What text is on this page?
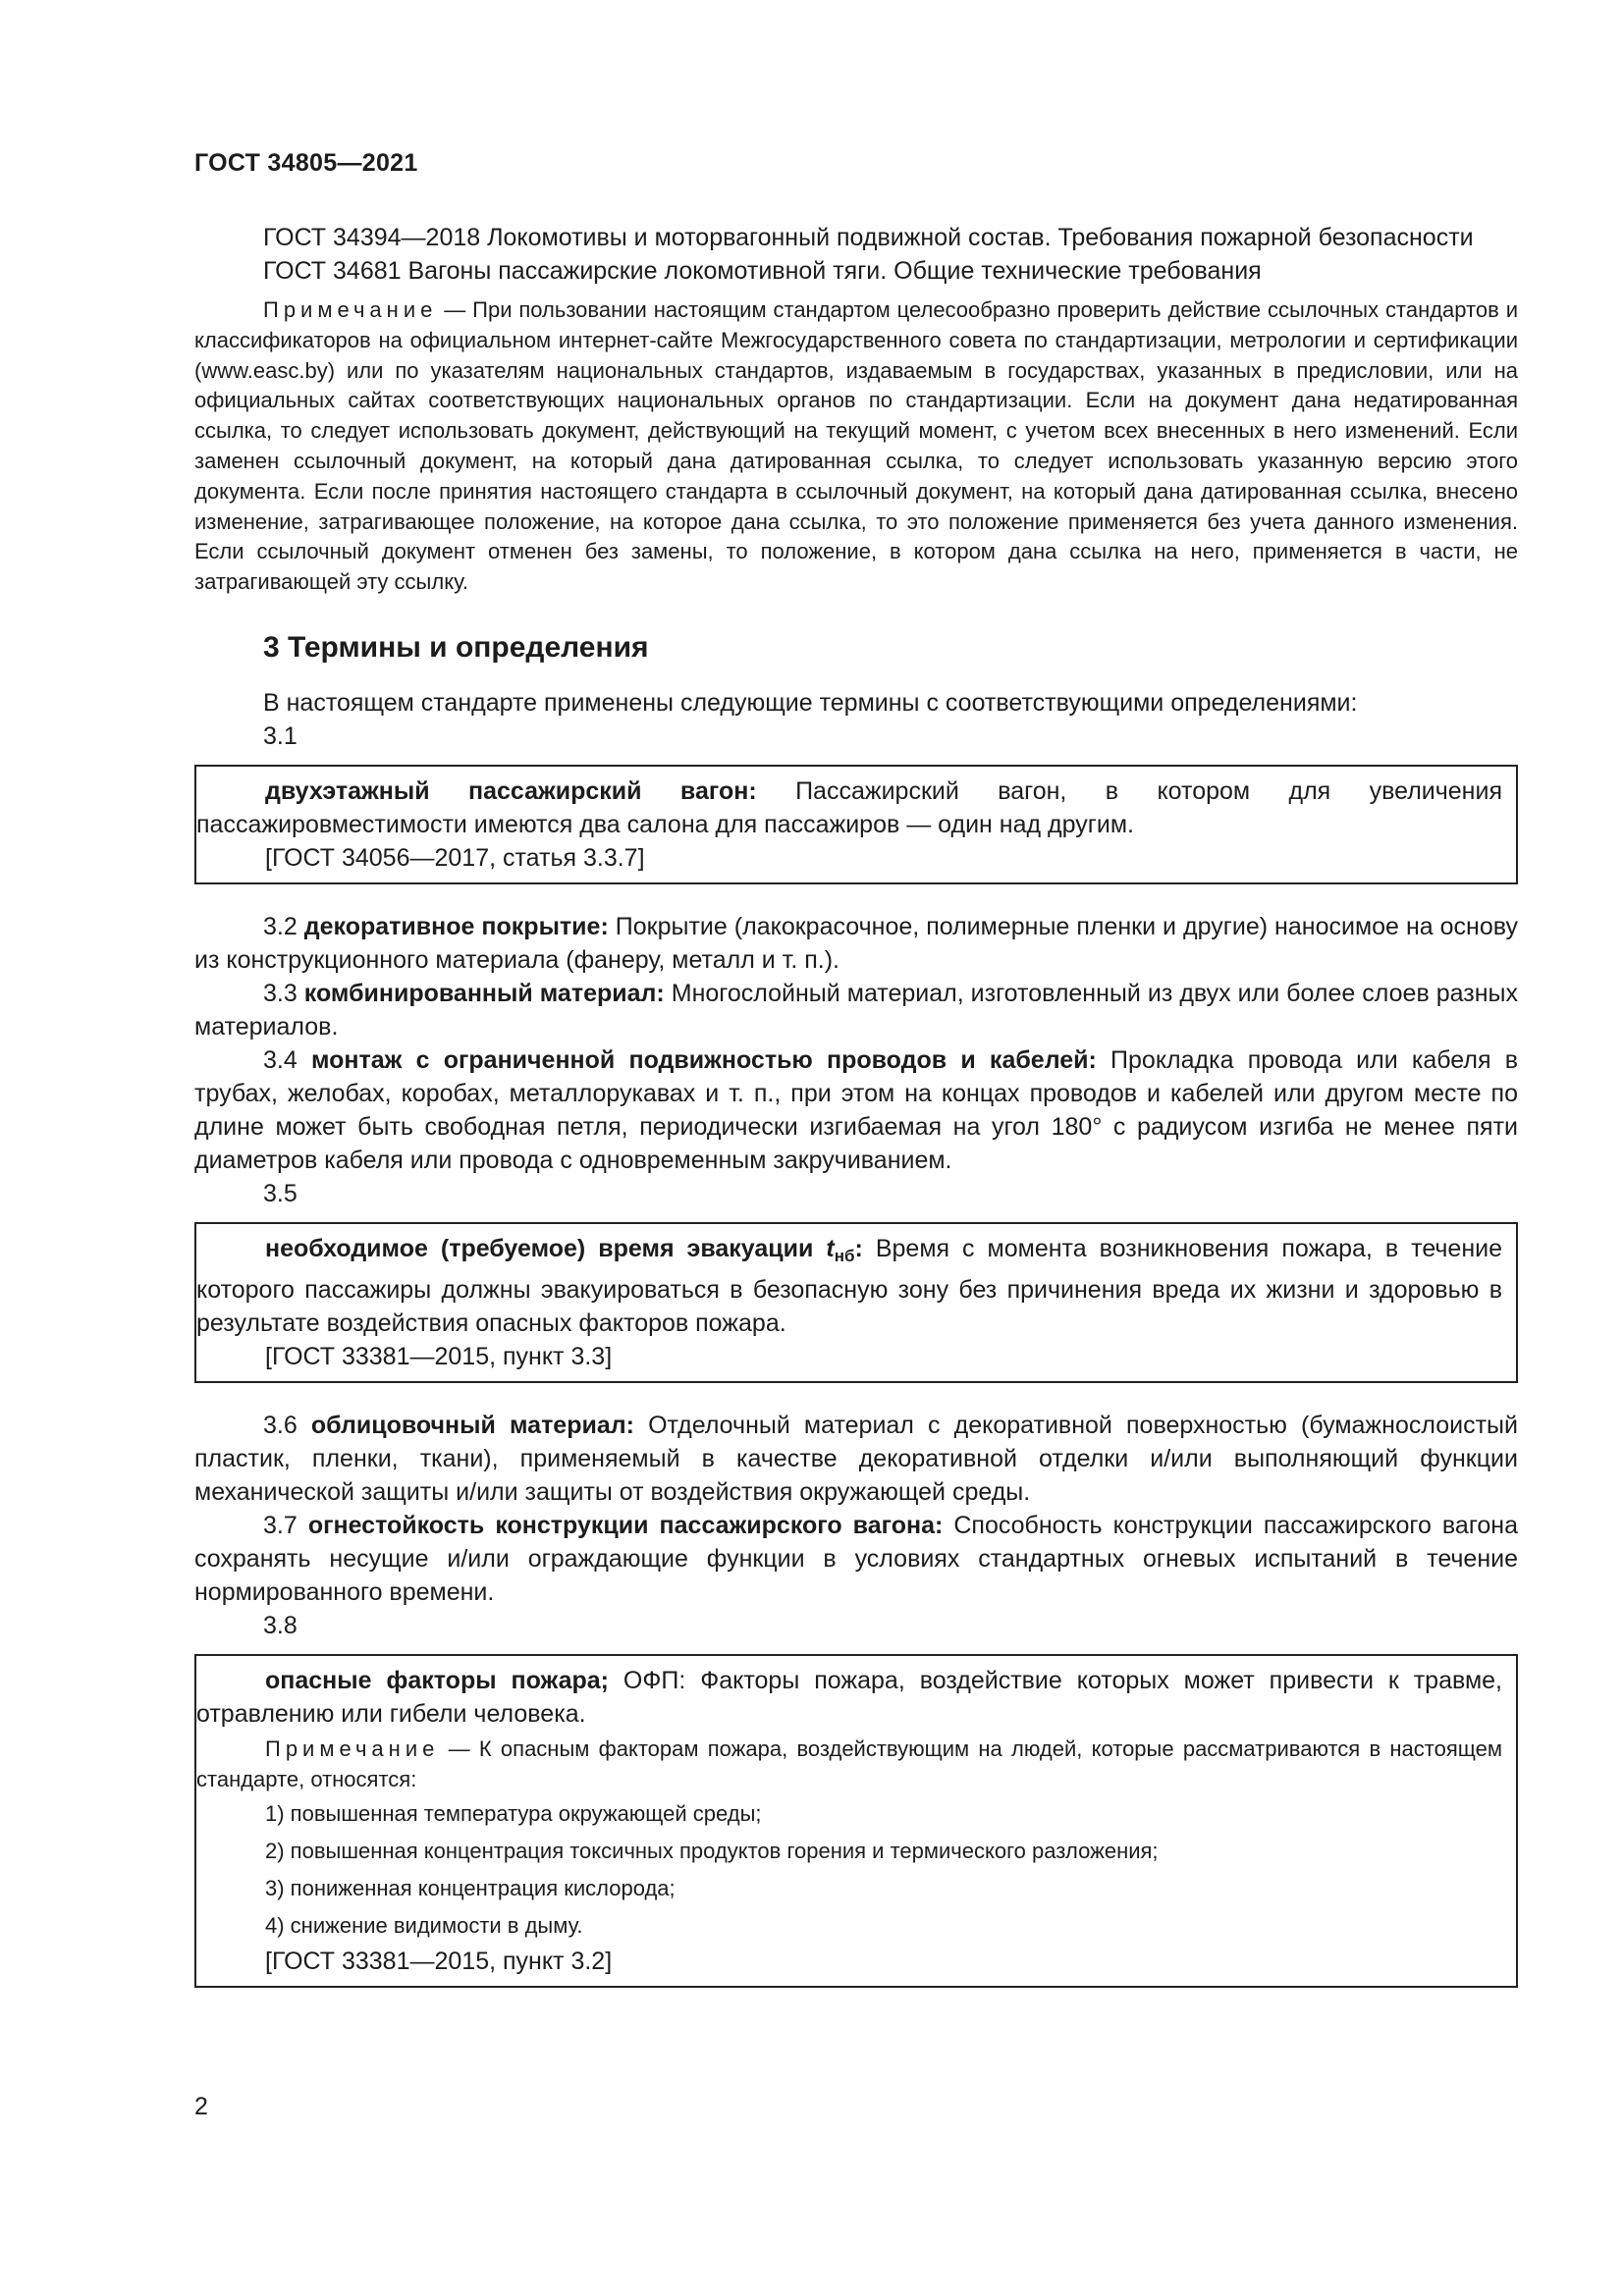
ГОСТ 34805—2021

ГОСТ 34394—2018 Локомотивы и моторвагонный подвижной состав. Требования пожарной безопасности

ГОСТ 34681 Вагоны пассажирские локомотивной тяги. Общие технические требования

Примечание — При пользовании настоящим стандартом целесообразно проверить действие ссылочных стандартов и классификаторов на официальном интернет-сайте Межгосударственного совета по стандартизации, метрологии и сертификации (www.easc.by) или по указателям национальных стандартов, издаваемым в государствах, указанных в предисловии, или на официальных сайтах соответствующих национальных органов по стандартизации. Если на документ дана недатированная ссылка, то следует использовать документ, действующий на текущий момент, с учетом всех внесенных в него изменений. Если заменен ссылочный документ, на который дана датированная ссылка, то следует использовать указанную версию этого документа. Если после принятия настоящего стандарта в ссылочный документ, на который дана датированная ссылка, внесено изменение, затрагивающее положение, на которое дана ссылка, то это положение применяется без учета данного изменения. Если ссылочный документ отменен без замены, то положение, в котором дана ссылка на него, применяется в части, не затрагивающей эту ссылку.
3 Термины и определения

В настоящем стандарте применены следующие термины с соответствующими определениями:

3.1

двухэтажный пассажирский вагон: Пассажирский вагон, в котором для увеличения пассажировместимости имеются два салона для пассажиров — один над другим.

[ГОСТ 34056—2017, статья 3.3.7]

3.2 декоративное покрытие: Покрытие (лакокрасочное, полимерные пленки и другие) наносимое на основу из конструкционного материала (фанеру, металл и т. п.).

3.3 комбинированный материал: Многослойный материал, изготовленный из двух или более слоев разных материалов.

3.4 монтаж с ограниченной подвижностью проводов и кабелей: Прокладка провода или кабеля в трубах, желобах, коробах, металлорукавах и т. п., при этом на концах проводов и кабелей или другом месте по длине может быть свободная петля, периодически изгибаемая на угол 180° с радиусом изгиба не менее пяти диаметров кабеля или провода с одновременным закручиванием.

3.5

необходимое (требуемое) время эвакуации $t_{нб}$: Время с момента возникновения пожара, в течение которого пассажиры должны эвакуироваться в безопасную зону без причинения вреда их жизни и здоровью в результате воздействия опасных факторов пожара.

[ГОСТ 33381—2015, пункт 3.3]

3.6 облицовочный материал: Отделочный материал с декоративной поверхностью (бумажнослоистый пластик, пленки, ткани), применяемый в качестве декоративной отделки и/или выполняющий функции механической защиты и/или защиты от воздействия окружающей среды.

3.7 огнестойкость конструкции пассажирского вагона: Способность конструкции пассажирского вагона сохранять несущие и/или ограждающие функции в условиях стандартных огневых испытаний в течение нормированного времени.

3.8

опасные факторы пожара; ОФП: Факторы пожара, воздействие которых может привести к травме, отравлению или гибели человека.

Примечание — К опасным факторам пожара, воздействующим на людей, которые рассматриваются в настоящем стандарте, относятся:
1) повышенная температура окружающей среды;
2) повышенная концентрация токсичных продуктов горения и термического разложения;
3) пониженная концентрация кислорода;
4) снижение видимости в дыму.

[ГОСТ 33381—2015, пункт 3.2]

2
